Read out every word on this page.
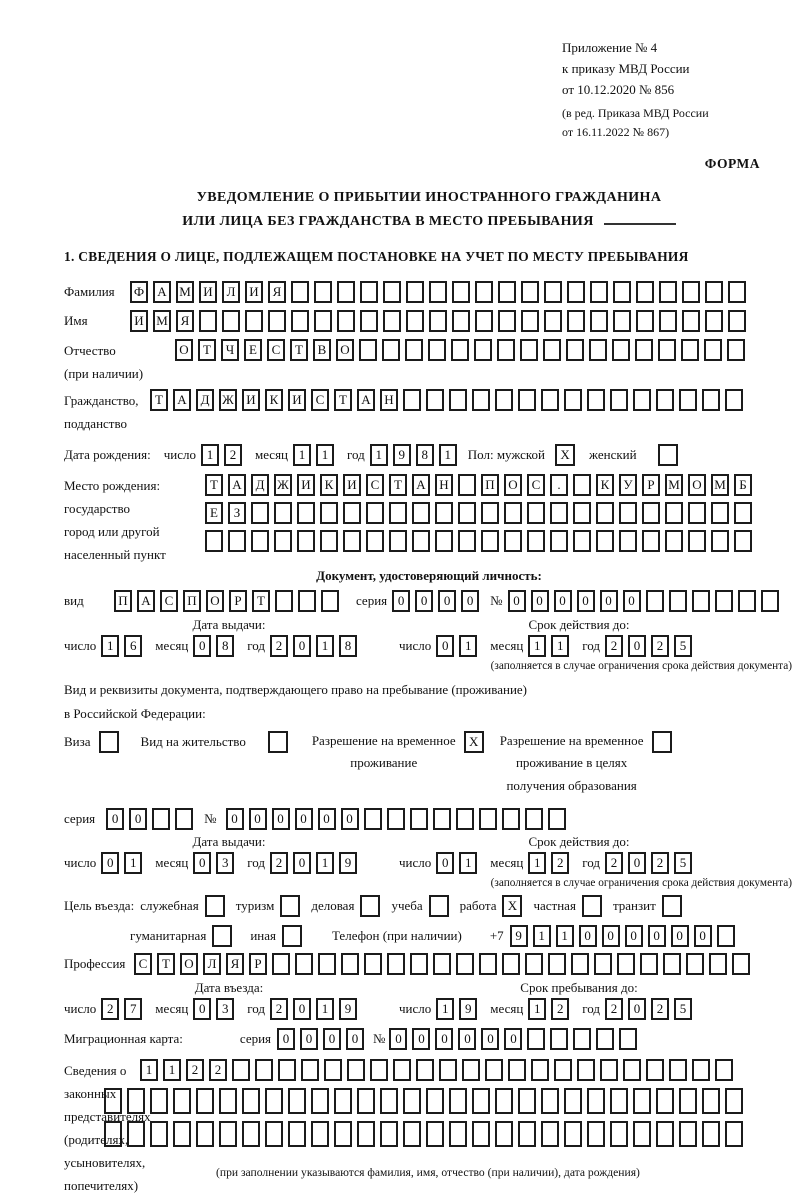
Приложение № 4
к приказу МВД России
от 10.12.2020 № 856
(в ред. Приказа МВД России
от 16.11.2022 № 867)
ФОРМА
УВЕДОМЛЕНИЕ О ПРИБЫТИИ ИНОСТРАННОГО ГРАЖДАНИНА
ИЛИ ЛИЦА БЕЗ ГРАЖДАНСТВА В МЕСТО ПРЕБЫВАНИЯ
1. СВЕДЕНИЯ О ЛИЦЕ, ПОДЛЕЖАЩЕМ ПОСТАНОВКЕ НА УЧЕТ ПО МЕСТУ ПРЕБЫВАНИЯ
Фамилия	Ф	А М И	Л	И	Я
Имя	И М Я
Отчество
(при наличии)
О	Т	Ч	Е	С	Т	В	О
Гражданство,
подданство
Т	А	Д Ж И	К	И	С	Т	А	Н
Дата рождения: число 1	2	месяц 1	1	год 1	9	8	1	Пол: мужской	X	женский
Место рождения:
государство
город или другой
населенный пункт
Т	А	Д Ж И	К	И	С	Т	А	Н	П	О	С	.	К	У	Р	М О М	Б
Е	З
Документ, удостоверяющий личность:
вид	П	А	С	П	О	Р	Т	серия 0	0	0	0	№ 0	0	0	0	0	0
Дата выдачи:	Срок действия до:
число 1	6	месяц 0	8	год 2	0	1	8	число 0	1	месяц 1	1	год 2	0	2	5
(заполняется в случае ограничения срока действия документа)
Вид и реквизиты документа, подтверждающего право на пребывание (проживание)
в Российской Федерации:
Виза	Вид на жительство	Разрешение на временное
проживание
X	Разрешение на временное
проживание в целях
получения образования
серия	0	0	№	0	0	0	0	0	0
Дата выдачи:	Срок действия до:
число 0	1	месяц 0	3	год 2	0	1	9	число 0	1	месяц 1	2	год 2	0	2	5
(заполняется в случае ограничения срока действия документа)
Цель въезда: служебная	туризм	деловая	учеба	работа X	частная	транзит
гуманитарная	иная	Телефон (при наличии) +7 9	1	1	0	0	0	0	0	0
Профессия	С	Т	О	Л	Я	Р
Дата въезда:	Срок пребывания до:
число 2	7	месяц 0	3	год 2	0	1	9	число 1	9	месяц 1	2	год 2	0	2	5
Миграционная карта:	серия 0	0	0	0	№ 0	0	0	0	0	0
Сведения о
законных
представителях
(родителях,
усыновителях,
попечителях)
1	1	2	2

(при заполнении указываются фамилия, имя, отчество (при наличии), дата рождения)
